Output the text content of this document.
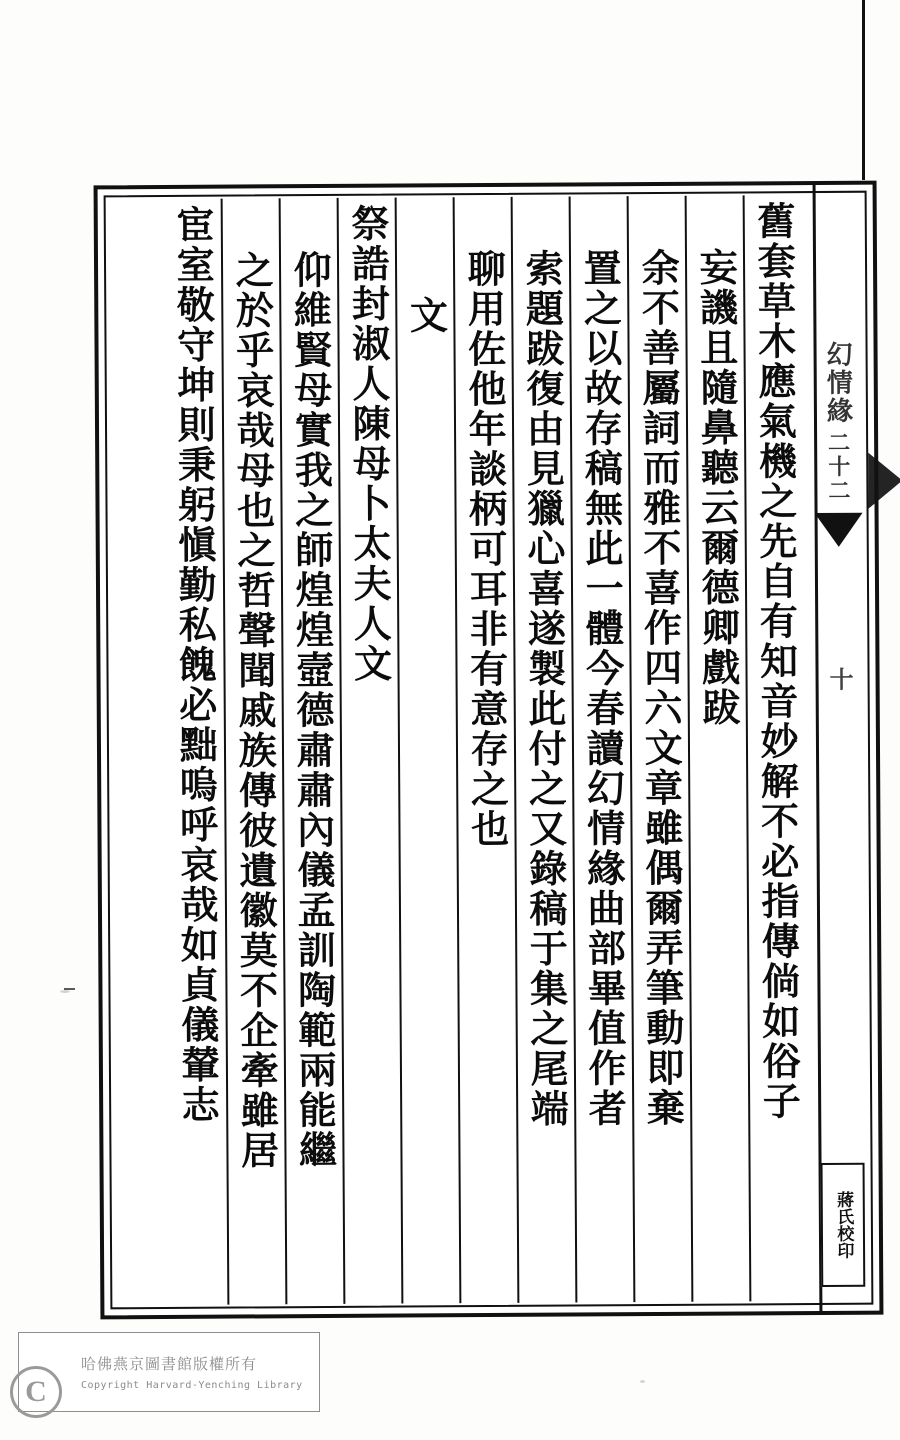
舊套草木應氣機之先自有知音妙解不必指傳倘如俗子
妄譏且隨鼻聽云爾德卿戲跋
余不善屬詞而雅不喜作四六文章雖偶爾弄筆動即棄
置之以故存稿無此一體今春讀幻情緣曲部畢值作者
索題跋復由見獵心喜遂製此付之又錄稿于集之尾端
聊用佐他年談柄可耳非有意存之也
文
祭誥封淑人陳母卜太夫人文
仰維賢母實我之師煌煌壼德肅肅內儀孟訓陶範兩能繼
之於乎哀哉母也之哲聲聞戚族傳彼遺徽莫不企牽雖居
宦室敬守坤則秉躬愼勤私餽必黜嗚呼哀哉如貞儀輦志	幻情緣
二十二
十
蔣氏校印
哈佛燕京圖書館版權所有
Copyright Harvard-Yenching Library
C
